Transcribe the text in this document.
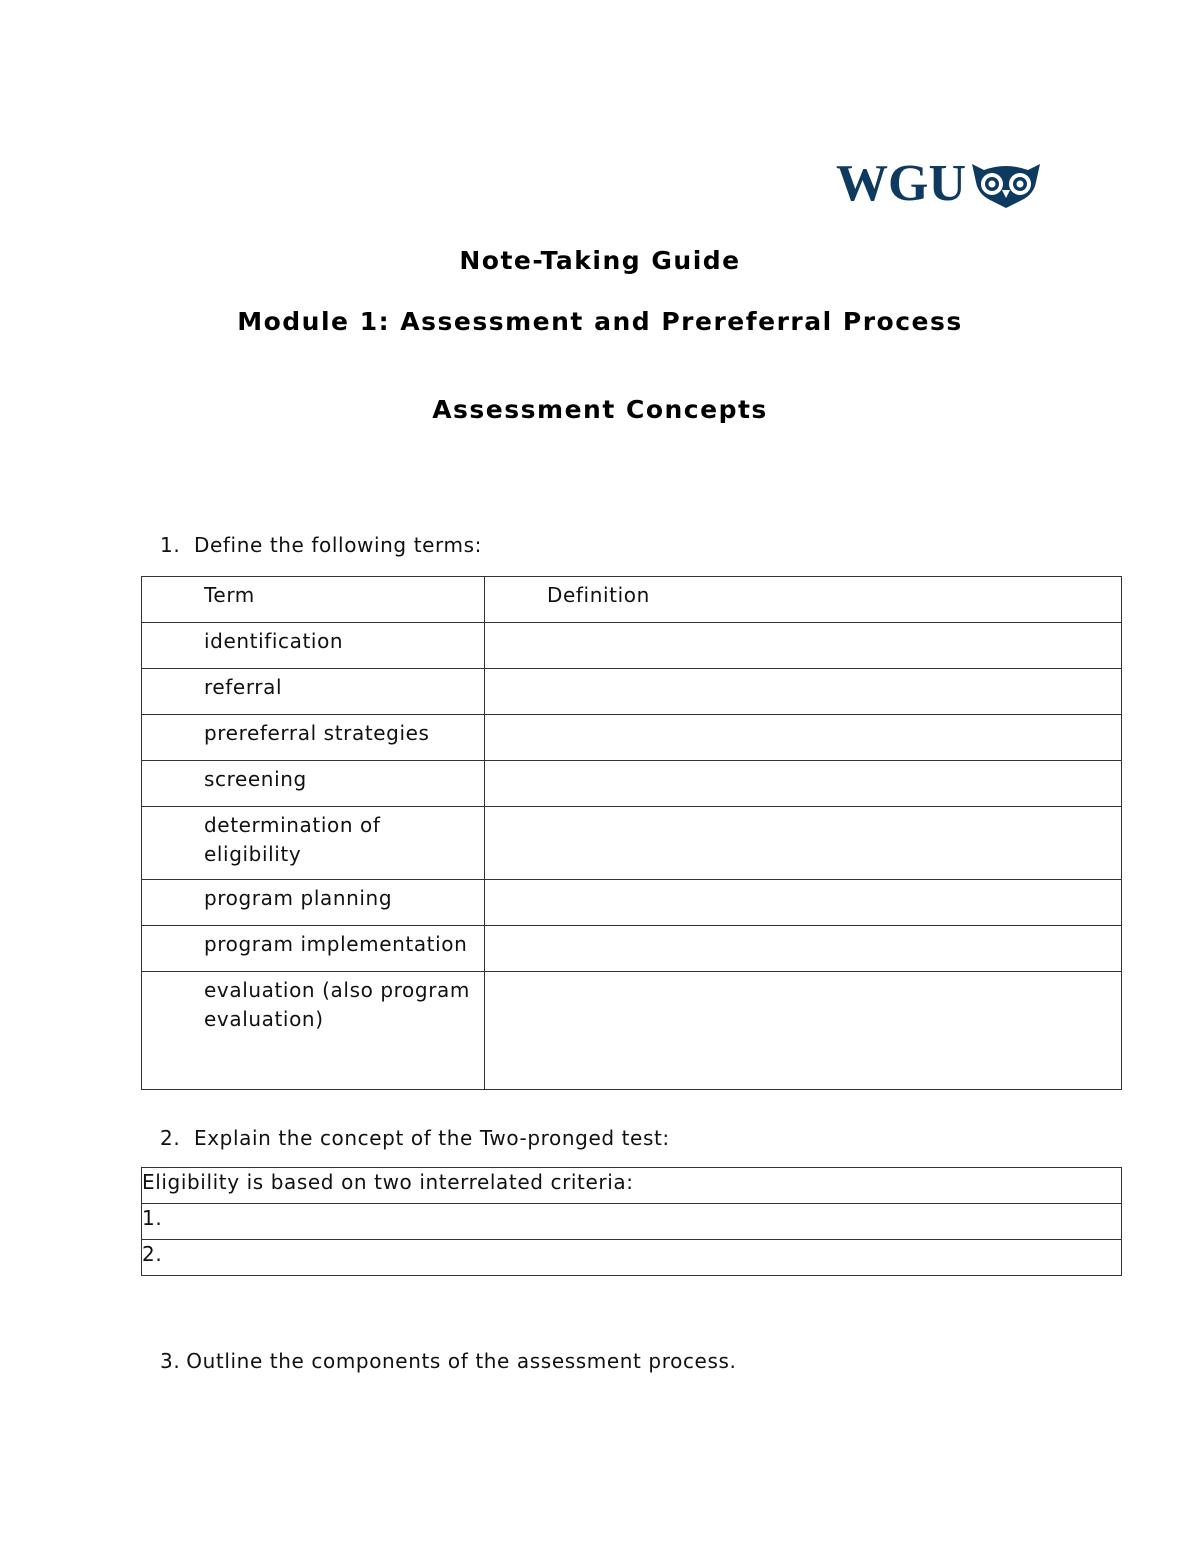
WGU
Note-Taking Guide
Module 1: Assessment and Prereferral Process
Assessment Concepts
1. Define the following terms:
Term	Definition
identification	
referral	
prereferral strategies	
screening	
determination of eligibility	
program planning	
program implementation	
evaluation (also program evaluation)	
2. Explain the concept of the Two-pronged test:
Eligibility is based on two interrelated criteria:
1.
2.
3. Outline the components of the assessment process.
